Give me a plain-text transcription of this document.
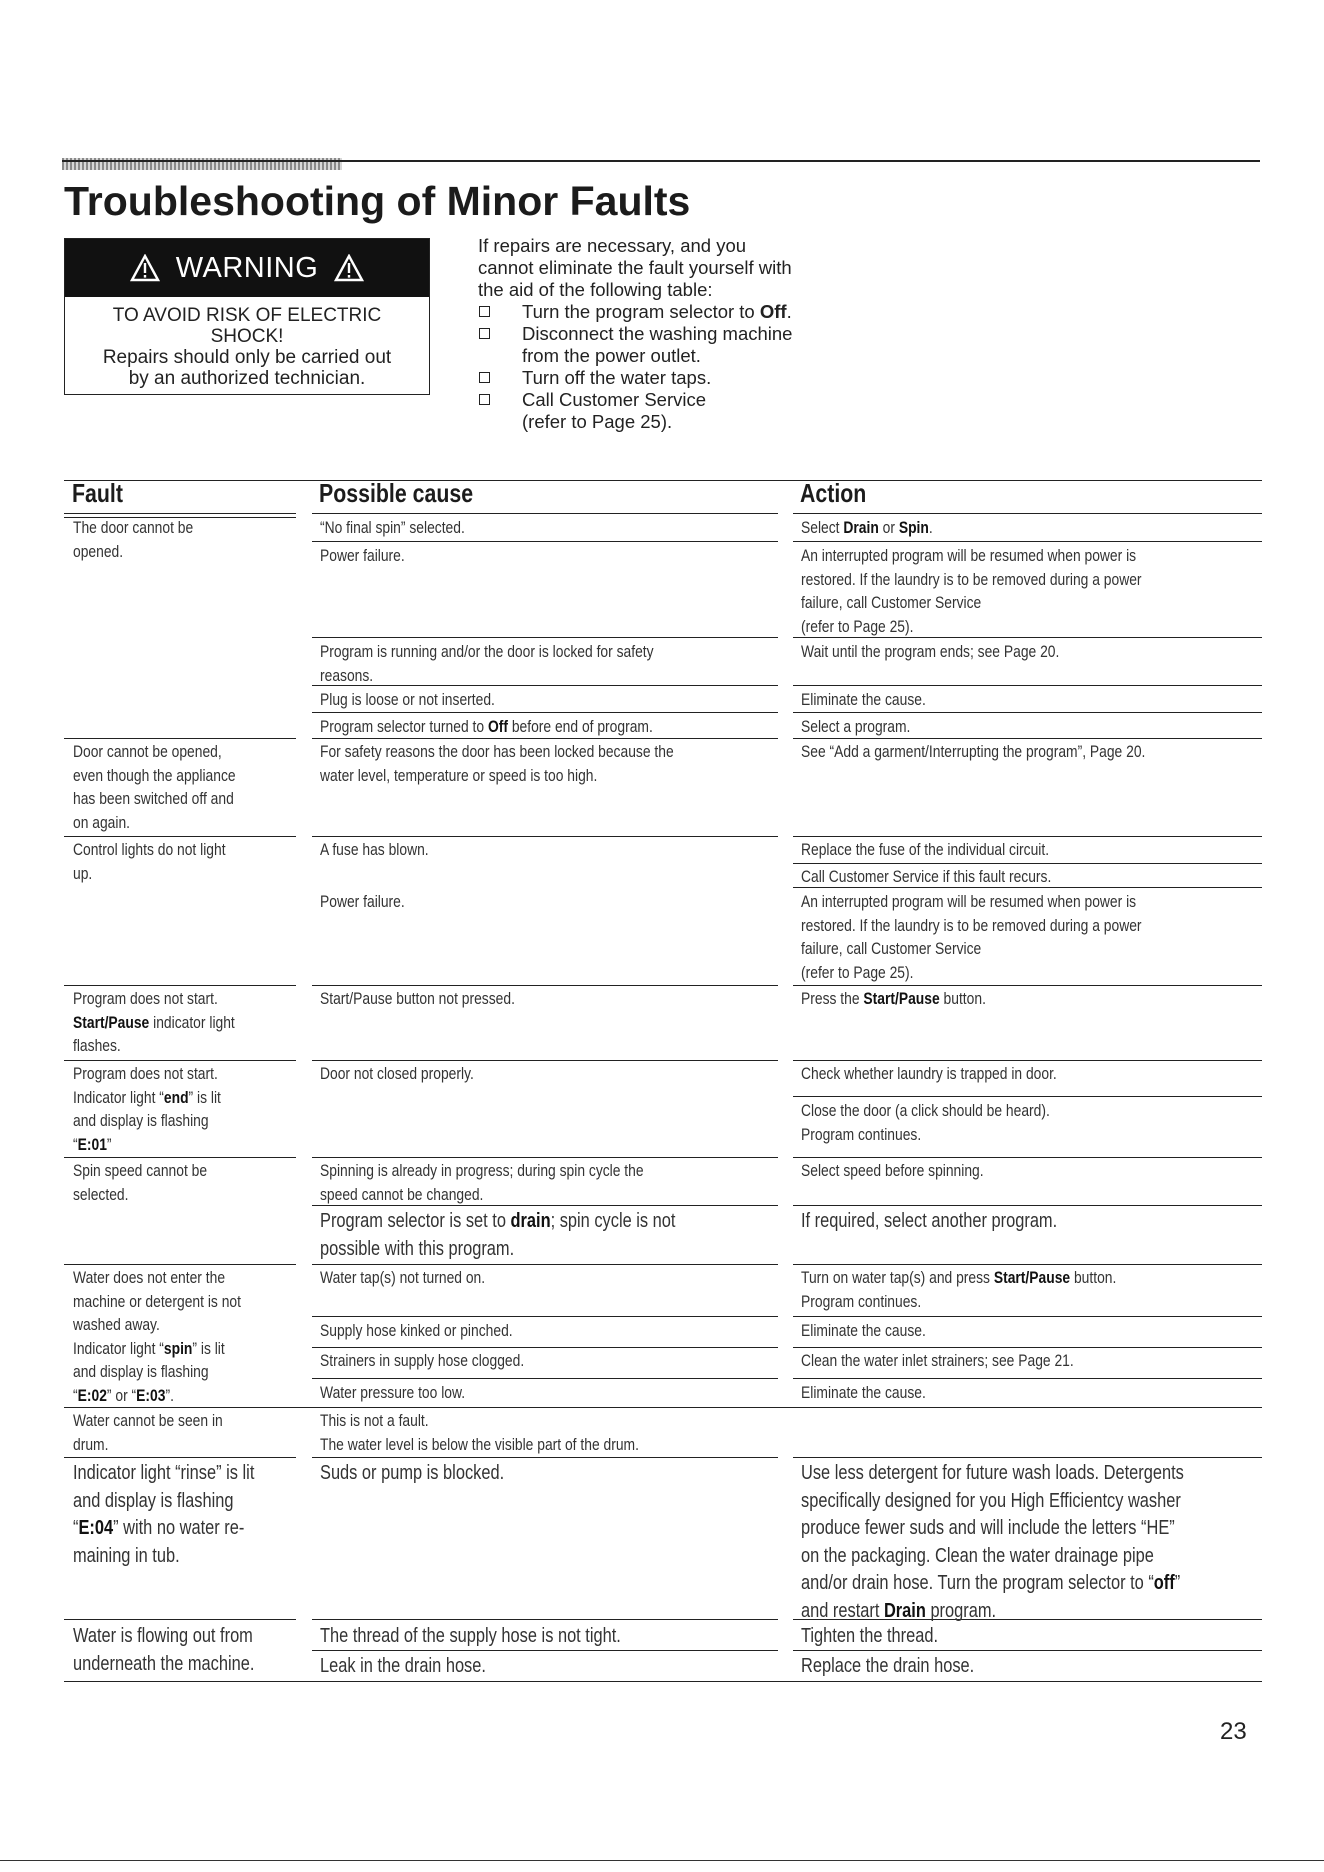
Troubleshooting of Minor Faults
WARNING
TO AVOID RISK OF ELECTRIC
SHOCK!
Repairs should only be carried out
by an authorized technician.
If repairs are necessary, and you
cannot eliminate the fault yourself with
the aid of the following table:
Turn the program selector to Off.
Disconnect the washing machine
from the power outlet.
Turn off the water taps.
Call Customer Service
(refer to Page 25).
Fault	Possible cause	Action
The door cannot be
opened.
Door cannot be opened,
even though the appliance
has been switched off and
on again.
Control lights do not light
up.
Program does not start.
Start/Pause indicator light
flashes.
Program does not start.
Indicator light “end” is lit
and display is flashing
“E:01”
Spin speed cannot be
selected.
Water does not enter the
machine or detergent is not
washed away.
Indicator light “spin” is lit
and display is flashing
“E:02” or “E:03”.
Water cannot be seen in
drum.
Indicator light “rinse” is lit
and display is flashing
“E:04” with no water re-
maining in tub.
Water is flowing out from
underneath the machine.
“No final spin” selected.
Power failure.
Program is running and/or the door is locked for safety
reasons.
Plug is loose or not inserted.
Program selector turned to Off before end of program.
For safety reasons the door has been locked because the
water level, temperature or speed is too high.
A fuse has blown.
Power failure.
Start/Pause button not pressed.
Door not closed properly.
Spinning is already in progress; during spin cycle the
speed cannot be changed.
Program selector is set to drain; spin cycle is not
possible with this program.
Water tap(s) not turned on.
Supply hose kinked or pinched.
Strainers in supply hose clogged.
Water pressure too low.
This is not a fault.
The water level is below the visible part of the drum.
Suds or pump is blocked.
The thread of the supply hose is not tight.
Leak in the drain hose.
Select Drain or Spin.
An interrupted program will be resumed when power is
restored. If the laundry is to be removed during a power
failure, call Customer Service
(refer to Page 25).
Wait until the program ends; see Page 20.
Eliminate the cause.
Select a program.
See “Add a garment/Interrupting the program”, Page 20.
Replace the fuse of the individual circuit.
Call Customer Service if this fault recurs.
An interrupted program will be resumed when power is
restored. If the laundry is to be removed during a power
failure, call Customer Service
(refer to Page 25).
Press the Start/Pause button.
Check whether laundry is trapped in door.
Close the door (a click should be heard).
Program continues.
Select speed before spinning.
If required, select another program.
Turn on water tap(s) and press Start/Pause button.
Program continues.
Eliminate the cause.
Clean the water inlet strainers; see Page 21.
Eliminate the cause.
Use less detergent for future wash loads. Detergents
specifically designed for you High Efficientcy washer
produce fewer suds and will include the letters “HE”
on the packaging. Clean the water drainage pipe
and/or drain hose. Turn the program selector to “off”
and restart Drain program.
Tighten the thread.
Replace the drain hose.
23
